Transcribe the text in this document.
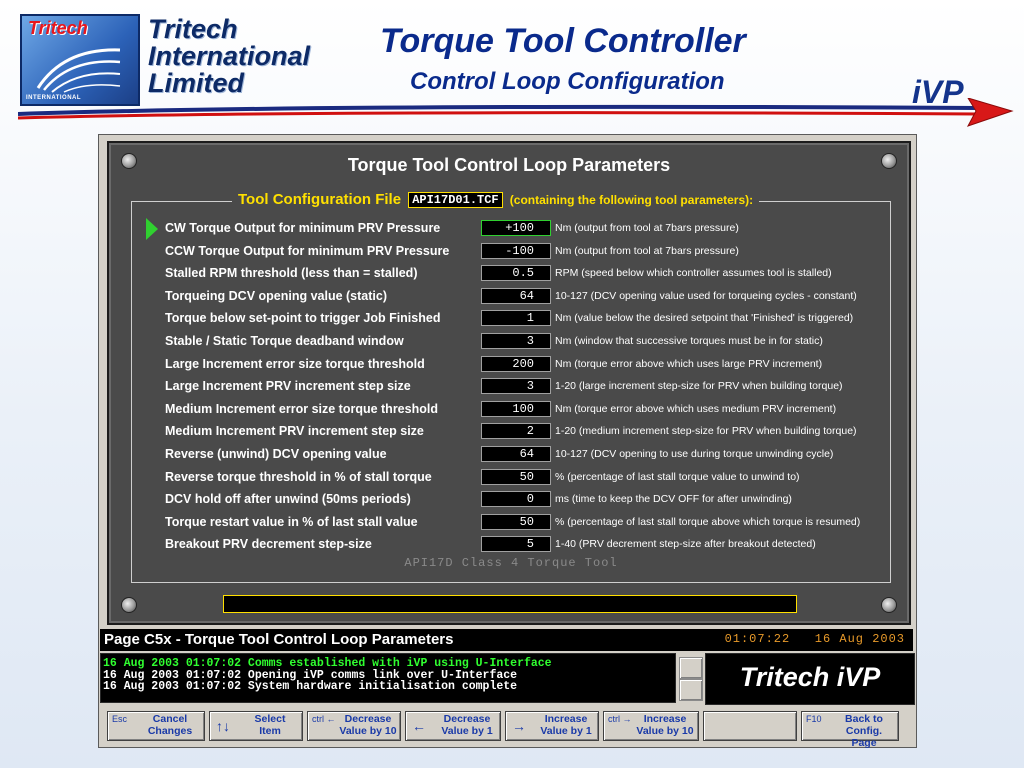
Tritech
INTERNATIONAL
Tritech
International
Limited
Torque Tool Controller
Control Loop Configuration	iVP
Torque Tool Control Loop Parameters
Tool Configuration File API17D01.TCF (containing the following tool parameters):
CW Torque Output for minimum PRV Pressure	+100	Nm (output from tool at 7bars pressure)
CCW Torque Output for minimum PRV Pressure	-100	Nm (output from tool at 7bars pressure)
Stalled RPM threshold (less than = stalled)	0.5	RPM (speed below which controller assumes tool is stalled)
Torqueing DCV opening value (static)	64	10-127 (DCV opening value used for torqueing cycles - constant)
Torque below set-point to trigger Job Finished	1	Nm (value below the desired setpoint that 'Finished' is triggered)
Stable / Static Torque deadband window	3	Nm (window that successive torques must be in for static)
Large Increment error size torque threshold	200	Nm (torque error above which uses large PRV increment)
Large Increment PRV increment step size	3	1-20 (large increment step-size for PRV when building torque)
Medium Increment error size torque threshold	100	Nm (torque error above which uses medium PRV increment)
Medium Increment PRV increment step size	2	1-20 (medium increment step-size for PRV when building torque)
Reverse (unwind) DCV opening value	64	10-127 (DCV opening to use during torque unwinding cycle)
Reverse torque threshold in % of stall torque	50	% (percentage of last stall torque value to unwind to)
DCV hold off after unwind (50ms periods)	0	ms (time to keep the DCV OFF for after unwinding)
Torque restart value in % of last stall value	50	% (percentage of last stall torque above which torque is resumed)
Breakout PRV decrement step-size	5	1-40 (PRV decrement step-size after breakout detected)
API17D Class 4 Torque Tool
Page C5x - Torque Tool Control Loop Parameters	01:07:22 16 Aug 2003
16 Aug 2003 01:07:02 Comms established with iVP using U-Interface
16 Aug 2003 01:07:02 Opening iVP comms link over U-Interface
16 Aug 2003 01:07:02 System hardware initialisation complete	Tritech iVP
Esc	Cancel
Changes	↑↓	Select
Item
ctrl ← Decrease
Value by 10 ←	Decrease
Value by 1	→	Increase
Value by 1
ctrl →	Increase
Value by 10
F10	Back to
Config. Page
